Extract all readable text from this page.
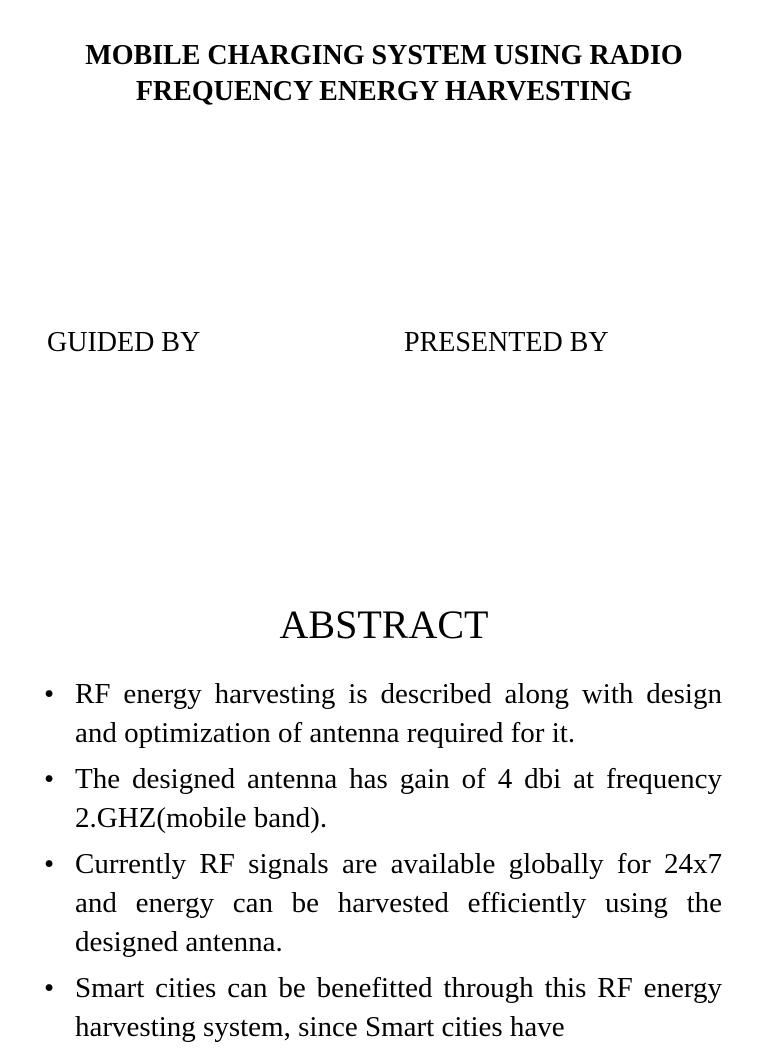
MOBILE CHARGING SYSTEM USING RADIO
FREQUENCY ENERGY HARVESTING

GUIDED BY	PRESENTED BY

ABSTRACT
• RF energy harvesting is described along with design and optimization of antenna required for it.
• The designed antenna has gain of 4 dbi at frequency 2.GHZ(mobile band).
• Currently RF signals are available globally for 24x7 and energy can be harvested efficiently using the designed antenna.
• Smart cities can be benefitted through this RF energy harvesting system, since Smart cities have
